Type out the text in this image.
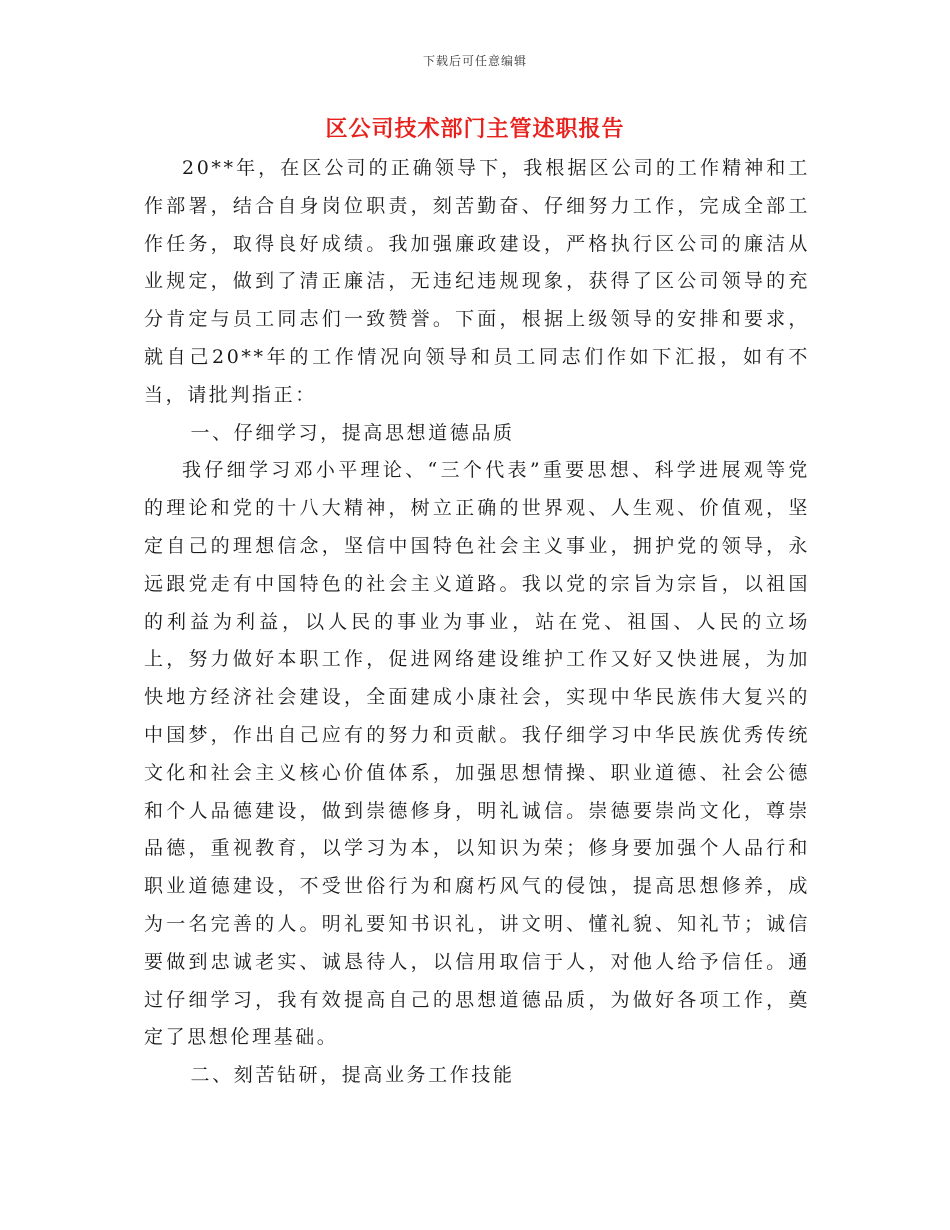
下载后可任意编辑
区公司技术部门主管述职报告

20**年，在区公司的正确领导下，我根据区公司的工作精神和工作部署，结合自身岗位职责，刻苦勤奋、仔细努力工作，完成全部工作任务，取得良好成绩。我加强廉政建设，严格执行区公司的廉洁从业规定，做到了清正廉洁，无违纪违规现象，获得了区公司领导的充分肯定与员工同志们一致赞誉。下面，根据上级领导的安排和要求，就自己20**年的工作情况向领导和员工同志们作如下汇报，如有不当，请批判指正：

一、仔细学习，提高思想道德品质

我仔细学习邓小平理论、“三个代表”重要思想、科学进展观等党的理论和党的十八大精神，树立正确的世界观、人生观、价值观，坚定自己的理想信念，坚信中国特色社会主义事业，拥护党的领导，永远跟党走有中国特色的社会主义道路。我以党的宗旨为宗旨，以祖国的利益为利益，以人民的事业为事业，站在党、祖国、人民的立场上，努力做好本职工作，促进网络建设维护工作又好又快进展，为加快地方经济社会建设，全面建成小康社会，实现中华民族伟大复兴的中国梦，作出自己应有的努力和贡献。我仔细学习中华民族优秀传统文化和社会主义核心价值体系，加强思想情操、职业道德、社会公德和个人品德建设，做到崇德修身，明礼诚信。崇德要崇尚文化，尊崇品德，重视教育，以学习为本，以知识为荣；修身要加强个人品行和职业道德建设，不受世俗行为和腐朽风气的侵蚀，提高思想修养，成为一名完善的人。明礼要知书识礼，讲文明、懂礼貌、知礼节；诚信要做到忠诚老实、诚恳待人，以信用取信于人，对他人给予信任。通过仔细学习，我有效提高自己的思想道德品质，为做好各项工作，奠定了思想伦理基础。

二、刻苦钻研，提高业务工作技能
